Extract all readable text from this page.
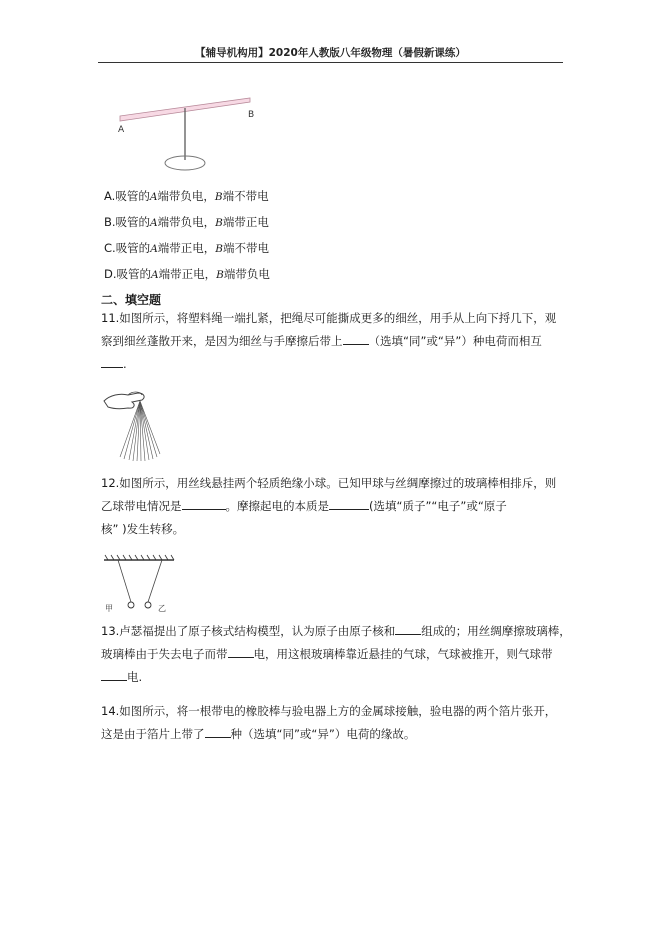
【辅导机构用】2020年人教版八年级物理（暑假新课练）
A
B
A.吸管的A端带负电，B端不带电
B.吸管的A端带负电，B端带正电
C.吸管的A端带正电，B端不带电
D.吸管的A端带正电，B端带负电
二、填空题

11.如图所示，将塑料绳一端扎紧，把绳尽可能撕成更多的细丝，用手从上向下捋几下，观

察到细丝蓬散开来，是因为细丝与手摩擦后带上 （选填“同”或“异”）种电荷而相互

.

12.如图所示，用丝线悬挂两个轻质绝缘小球。已知甲球与丝绸摩擦过的玻璃棒相排斥，则

乙球带电情况是	。摩擦起电的本质是	(选填“质子”“电子”或“原子

核” )发生转移。

甲	乙

13.卢瑟福提出了原子核式结构模型，认为原子由原子核和 组成的；用丝绸摩擦玻璃棒，

玻璃棒由于失去电子而带 电，用这根玻璃棒靠近悬挂的气球，气球被推开，则气球带

电.

14.如图所示，将一根带电的橡胶棒与验电器上方的金属球接触，验电器的两个箔片张开，

这是由于箔片上带了 种（选填“同”或“异”）电荷的缘故。
